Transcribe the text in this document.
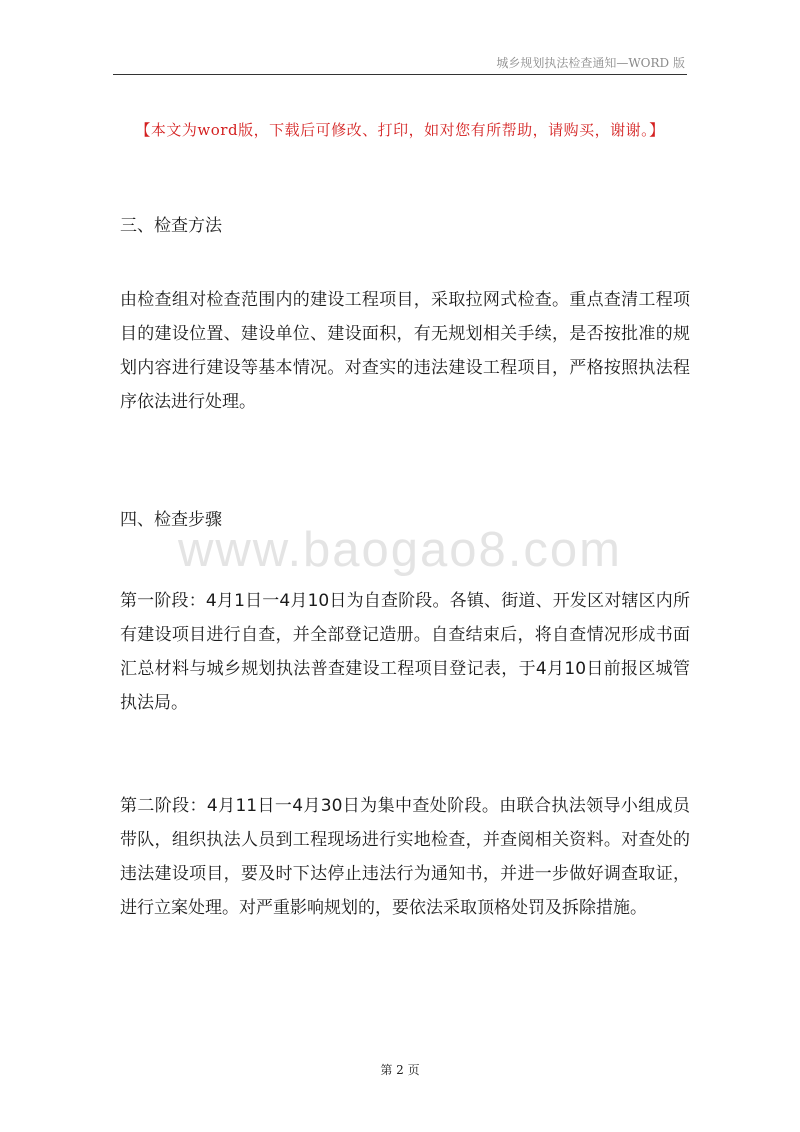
城乡规划执法检查通知—WORD 版
【本文为word版，下载后可修改、打印，如对您有所帮助，请购买，谢谢。】
三、检查方法
由检查组对检查范围内的建设工程项目，采取拉网式检查。重点查清工程项目的建设位置、建设单位、建设面积，有无规划相关手续，是否按批准的规划内容进行建设等基本情况。对查实的违法建设工程项目，严格按照执法程序依法进行处理。
四、检查步骤
www.baogao8.com
第一阶段：4月1日一4月10日为自查阶段。各镇、街道、开发区对辖区内所有建设项目进行自查，并全部登记造册。自查结束后，将自查情况形成书面汇总材料与城乡规划执法普查建设工程项目登记表，于4月10日前报区城管执法局。
第二阶段：4月11日一4月30日为集中查处阶段。由联合执法领导小组成员带队，组织执法人员到工程现场进行实地检查，并查阅相关资料。对查处的违法建设项目，要及时下达停止违法行为通知书，并进一步做好调查取证，进行立案处理。对严重影响规划的，要依法采取顶格处罚及拆除措施。
第 2 页
